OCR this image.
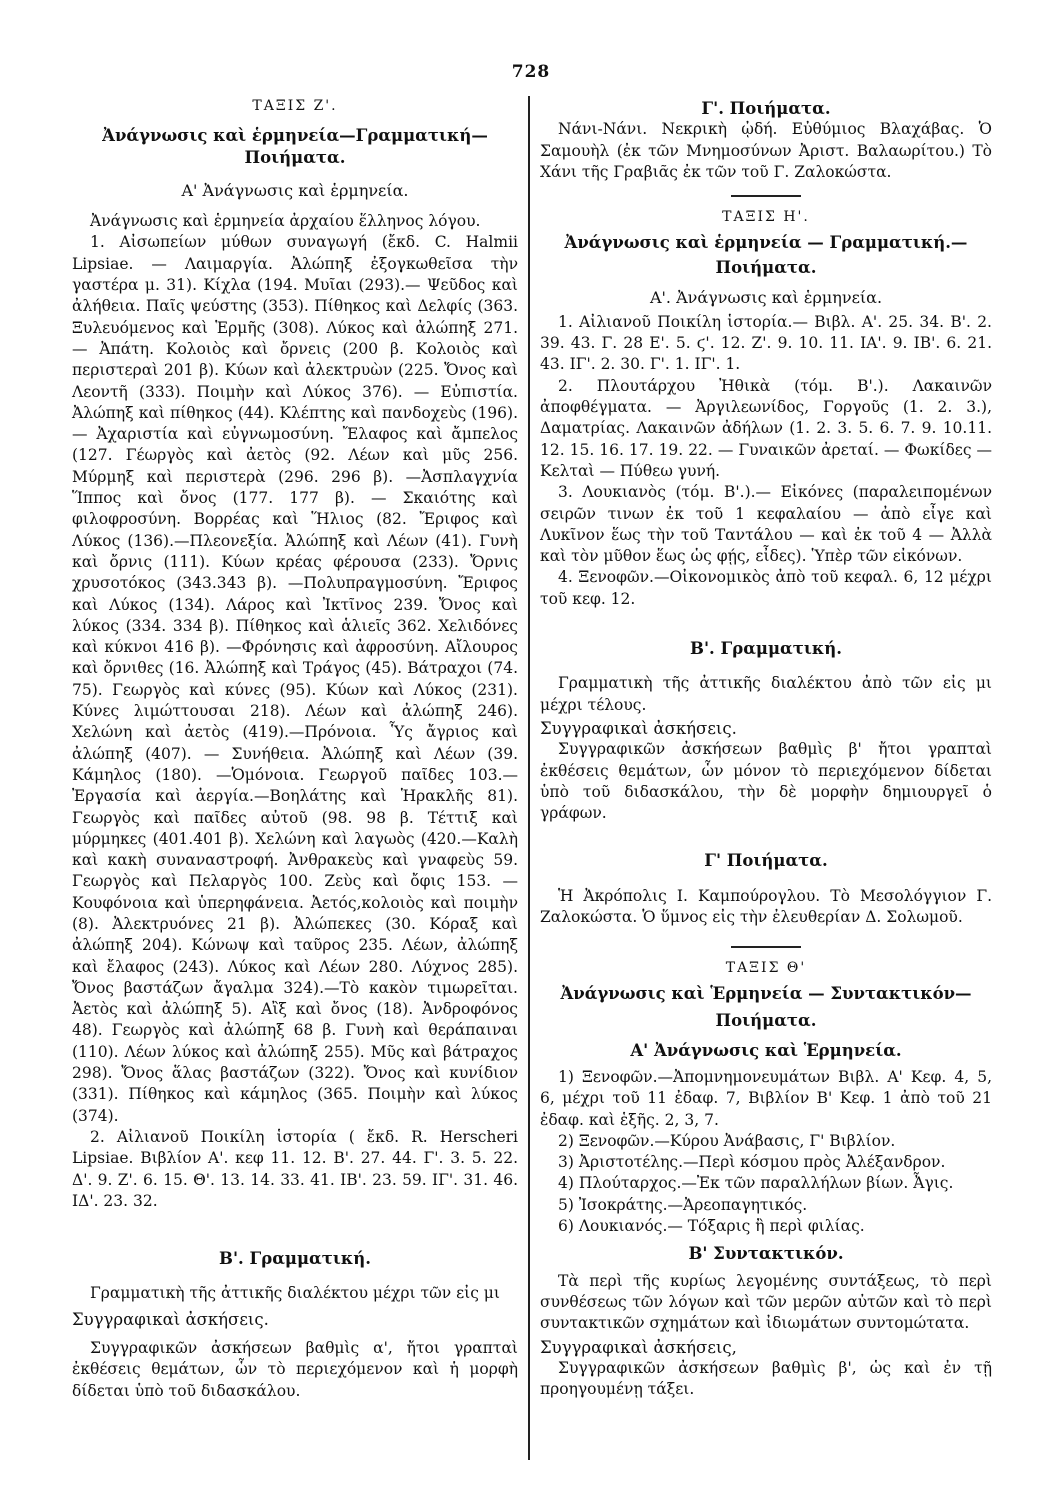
728
ΤΑΞΙΣ Ζ'.
Ἀνάγνωσις καὶ ἑρμηνεία—Γραμματική—
Ποιήματα.
Α' Ἀνάγνωσις καὶ ἑρμηνεία.
Ἀνάγνωσις καὶ ἑρμηνεία ἀρχαίου ἕλληνος λόγου.
1. Αἰσωπείων μύθων συναγωγή (ἔκδ. C. Halmii Lipsiae. — Λαιμαργία. Ἀλώπηξ ἐξογκωθεῖσα τὴν γαστέρα μ. 31). Κίχλα (194. Μυῖαι (293).— Ψεῦδος καὶ ἀλήθεια. Παῖς ψεύστης (353). Πίθηκος καὶ Δελφίς (363. Ξυλευόμενος καὶ Ἑρμῆς (308). Λύκος καὶ ἀλώπηξ 271. — Ἀπάτη. Κολοιὸς καὶ ὄρνεις (200 β. Κολοιὸς καὶ περιστεραὶ 201 β). Κύων καὶ ἀλεκτρυὼν (225. Ὄνος καὶ Λεοντῆ (333). Ποιμὴν καὶ Λύκος 376). — Εὐπιστία. Ἀλώπηξ καὶ πίθηκος (44). Κλέπτης καὶ πανδοχεὺς (196).— Ἀχαριστία καὶ εὐγνωμοσύνη. Ἔλαφος καὶ ἄμπελος (127. Γέωργὸς καὶ ἀετὸς (92. Λέων καὶ μῦς 256. Μύρμηξ καὶ περιστερὰ (296. 296 β). —Ἀσπλαγχνία Ἵππος καὶ ὄνος (177. 177 β). — Σκαιότης καὶ φιλοφροσύνη. Βορρέας καὶ Ἥλιος (82. Ἔριφος καὶ Λύκος (136).—Πλεονεξία. Ἀλώπηξ καὶ Λέων (41). Γυνὴ καὶ ὄρνις (111). Κύων κρέας φέρουσα (233). Ὄρνις χρυσοτόκος (343.343 β). —Πολυπραγμοσύνη. Ἔριφος καὶ Λύκος (134). Λάρος καὶ Ἰκτῖνος 239. Ὄνος καὶ λύκος (334. 334 β). Πίθηκος καὶ ἁλιεῖς 362. Χελιδόνες καὶ κύκνοι 416 β). —Φρόνησις καὶ ἀφροσύνη. Αἴλουρος καὶ ὄρνιθες (16. Ἀλώπηξ καὶ Τράγος (45). Βάτραχοι (74. 75). Γεωργὸς καὶ κύνες (95). Κύων καὶ Λύκος (231). Κύνες λιμώττουσαι 218). Λέων καὶ ἀλώπηξ 246). Χελώνη καὶ ἀετὸς (419).—Πρόνοια. Ὗς ἄγριος καὶ ἀλώπηξ (407). — Συνήθεια. Ἀλώπηξ καὶ Λέων (39. Κάμηλος (180). —Ὁμόνοια. Γεωργοῦ παῖδες 103.—Ἐργασία καὶ ἀεργία.—Βοηλάτης καὶ Ἡρακλῆς 81). Γεωργὸς καὶ παῖδες αὐτοῦ (98. 98 β. Τέττιξ καὶ μύρμηκες (401.401 β). Χελώνη καὶ λαγωὸς (420.—Καλὴ καὶ κακὴ συναναστροφή. Ἀνθρακεὺς καὶ γναφεὺς 59. Γεωργὸς καὶ Πελαργὸς 100. Ζεὺς καὶ ὄφις 153. — Κουφόνοια καὶ ὑπερηφάνεια. Ἀετός,κολοιὸς καὶ ποιμὴν (8). Ἀλεκτρυόνες 21 β). Ἀλώπεκες (30. Κόραξ καὶ ἀλώπηξ 204). Κώνωψ καὶ ταῦρος 235. Λέων, ἀλώπηξ καὶ ἔλαφος (243). Λύκος καὶ Λέων 280. Λύχνος 285). Ὄνος βαστάζων ἄγαλμα 324).—Τὸ κακὸν τιμωρεῖται. Ἀετὸς καὶ ἀλώπηξ 5). Αἲξ καὶ ὄνος (18). Ἀνδροφόνος 48). Γεωργὸς καὶ ἀλώπηξ 68 β. Γυνὴ καὶ θεράπαιναι (110). Λέων λύκος καὶ ἀλώπηξ 255). Μῦς καὶ βάτραχος 298). Ὄνος ἅλας βαστάζων (322). Ὄνος καὶ κυνίδιον (331). Πίθηκος καὶ κάμηλος (365. Ποιμὴν καὶ λύκος (374).
2. Αἰλιανοῦ Ποικίλη ἱστορία ( ἔκδ. R. Herscheri Lipsiae. Βιβλίον Α'. κεφ 11. 12. Β'. 27. 44. Γ'. 3. 5. 22. Δ'. 9. Ζ'. 6. 15. Θ'. 13. 14. 33. 41. ΙΒ'. 23. 59. ΙΓ'. 31. 46. ΙΔ'. 23. 32.
Β'. Γραμματική.
Γραμματικὴ τῆς ἀττικῆς διαλέκτου μέχρι τῶν εἰς μι
Συγγραφικαὶ ἀσκήσεις.
Συγγραφικῶν ἀσκήσεων βαθμὶς α', ἤτοι γραπταὶ ἐκθέσεις θεμάτων, ὧν τὸ περιεχόμενον καὶ ἡ μορφὴ δίδεται ὑπὸ τοῦ διδασκάλου.
Γ'. Ποιήματα.
Νάνι-Νάνι. Νεκρικὴ ᾠδή. Εὐθύμιος Βλαχάβας. Ὁ Σαμουὴλ (ἐκ τῶν Μνημοσύνων Ἀριστ. Βαλαωρίτου.) Τὸ Χάνι τῆς Γραβιᾶς ἐκ τῶν τοῦ Γ. Ζαλοκώστα.
ΤΑΞΙΣ Η'.
Ἀνάγνωσις καὶ ἑρμηνεία — Γραμματική.—
Ποιήματα.
Α'. Ἀνάγνωσις καὶ ἑρμηνεία.
1. Αἰλιανοῦ Ποικίλη ἱστορία.— Βιβλ. Α'. 25. 34. Β'. 2. 39. 43. Γ. 28 Ε'. 5. ϛ'. 12. Ζ'. 9. 10. 11. ΙΑ'. 9. ΙΒ'. 6. 21. 43. ΙΓ'. 2. 30. Γ'. 1. ΙΓ'. 1.
2. Πλουτάρχου Ἠθικὰ (τόμ. Β'.). Λακαινῶν ἀποφθέγματα. — Ἀργιλεωνίδος, Γοργοῦς (1. 2. 3.), Δαματρίας. Λακαινῶν ἀδήλων (1. 2. 3. 5. 6. 7. 9. 10.11. 12. 15. 16. 17. 19. 22. — Γυναικῶν ἀρεταί. — Φωκίδες — Κελταὶ — Πύθεω γυνή.
3. Λουκιανὸς (τόμ. Β'.).— Εἰκόνες (παραλειπομένων σειρῶν τινων ἐκ τοῦ 1 κεφαλαίου — ἀπὸ εἶγε καὶ Λυκῖνον ἕως τὴν τοῦ Ταντάλου — καὶ ἐκ τοῦ 4 — Ἀλλὰ καὶ τὸν μῦθον ἕως ὡς φῄς, εἶδες). Ὑπὲρ τῶν εἰκόνων.
4. Ξενοφῶν.—Οἰκονομικὸς ἀπὸ τοῦ κεφαλ. 6, 12 μέχρι τοῦ κεφ. 12.
Β'. Γραμματική.
Γραμματικὴ τῆς ἀττικῆς διαλέκτου ἀπὸ τῶν εἰς μι μέχρι τέλους.
Συγγραφικαὶ ἀσκήσεις.
Συγγραφικῶν ἀσκήσεων βαθμὶς β' ἤτοι γραπταὶ ἐκθέσεις θεμάτων, ὧν μόνον τὸ περιεχόμενον δίδεται ὑπὸ τοῦ διδασκάλου, τὴν δὲ μορφὴν δημιουργεῖ ὁ γράφων.
Γ' Ποιήματα.
Ἡ Ἀκρόπολις Ι. Καμπούρογλου. Τὸ Μεσολόγγιον Γ. Ζαλοκώστα. Ὁ ὕμνος εἰς τὴν ἐλευθερίαν Δ. Σολωμοῦ.
ΤΑΞΙΣ Θ'
Ἀνάγνωσις καὶ Ἑρμηνεία — Συντακτικόν—
Ποιήματα.
Α' Ἀνάγνωσις καὶ Ἑρμηνεία.
1) Ξενοφῶν.—Ἀπομνημονευμάτων Βιβλ. Α' Κεφ. 4, 5, 6, μέχρι τοῦ 11 ἐδαφ. 7, Βιβλίον Β' Κεφ. 1 ἀπὸ τοῦ 21 ἐδαφ. καὶ ἑξῆς. 2, 3, 7.
2) Ξενοφῶν.—Κύρου Ἀνάβασις, Γ' Βιβλίον.
3) Ἀριστοτέλης.—Περὶ κόσμου πρὸς Ἀλέξανδρον.
4) Πλούταρχος.—Ἐκ τῶν παραλλήλων βίων. Ἆγις.
5) Ἰσοκράτης.—Ἀρεοπαγητικός.
6) Λουκιανός.— Τόξαρις ἢ περὶ φιλίας.
Β' Συντακτικόν.
Τὰ περὶ τῆς κυρίως λεγομένης συντάξεως, τὸ περὶ συνθέσεως τῶν λόγων καὶ τῶν μερῶν αὐτῶν καὶ τὸ περὶ συντακτικῶν σχημάτων καὶ ἰδιωμάτων συντομώτατα.
Συγγραφικαὶ ἀσκήσεις,
Συγγραφικῶν ἀσκήσεων βαθμὶς β', ὡς καὶ ἐν τῇ προηγουμένῃ τάξει.
